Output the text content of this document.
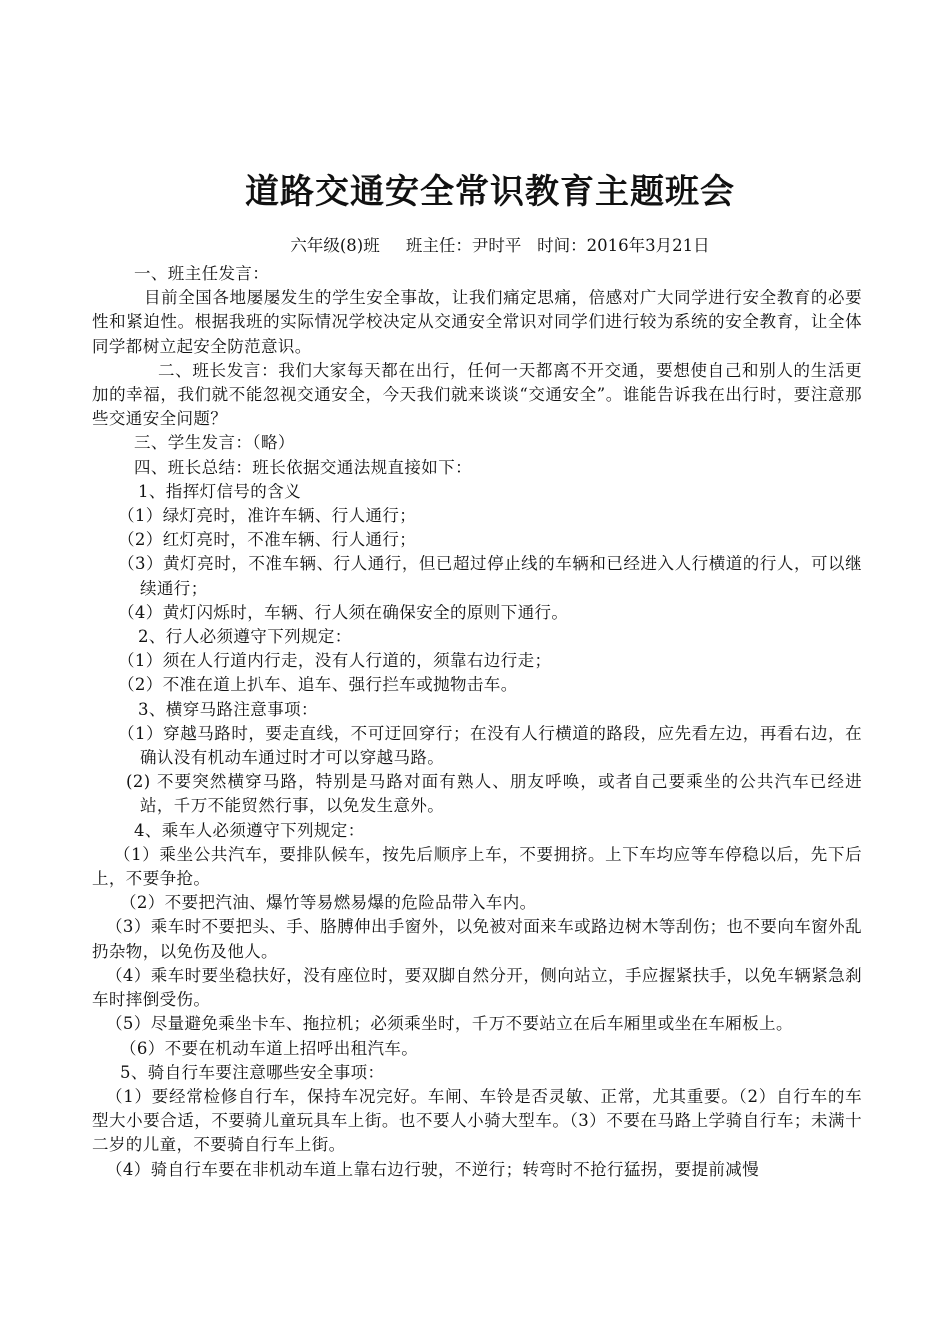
道路交通安全常识教育主题班会
六年级(8)班     班主任：尹时平   时间：2016年3月21日

一、班主任发言：

目前全国各地屡屡发生的学生安全事故，让我们痛定思痛，倍感对广大同学进行安全教育的必要性和紧迫性。根据我班的实际情况学校决定从交通安全常识对同学们进行较为系统的安全教育，让全体同学都树立起安全防范意识。

二、班长发言：我们大家每天都在出行，任何一天都离不开交通，要想使自己和别人的生活更加的幸福，我们就不能忽视交通安全，今天我们就来谈谈“交通安全”。谁能告诉我在出行时，要注意那些交通安全问题？

三、学生发言：（略）

四、班长总结：班长依据交通法规直接如下：

1、指挥灯信号的含义

（1）绿灯亮时，准许车辆、行人通行；

（2）红灯亮时，不准车辆、行人通行；

（3）黄灯亮时，不准车辆、行人通行，但已超过停止线的车辆和已经进入人行横道的行人，可以继续通行；

（4）黄灯闪烁时，车辆、行人须在确保安全的原则下通行。

2、行人必须遵守下列规定：

（1）须在人行道内行走，没有人行道的，须靠右边行走；

（2）不准在道上扒车、追车、强行拦车或抛物击车。

3、横穿马路注意事项：

（1）穿越马路时，要走直线，不可迂回穿行；在没有人行横道的路段，应先看左边，再看右边，在确认没有机动车通过时才可以穿越马路。

(2) 不要突然横穿马路，特别是马路对面有熟人、朋友呼唤，或者自己要乘坐的公共汽车已经进站，千万不能贸然行事，以免发生意外。

4、乘车人必须遵守下列规定：

（1）乘坐公共汽车，要排队候车，按先后顺序上车，不要拥挤。上下车均应等车停稳以后，先下后上，不要争抢。

（2）不要把汽油、爆竹等易燃易爆的危险品带入车内。

（3）乘车时不要把头、手、胳膊伸出手窗外，以免被对面来车或路边树木等刮伤；也不要向车窗外乱扔杂物，以免伤及他人。

（4）乘车时要坐稳扶好，没有座位时，要双脚自然分开，侧向站立，手应握紧扶手，以免车辆紧急刹车时摔倒受伤。

（5）尽量避免乘坐卡车、拖拉机；必须乘坐时，千万不要站立在后车厢里或坐在车厢板上。

（6）不要在机动车道上招呼出租汽车。

5、骑自行车要注意哪些安全事项：

（1）要经常检修自行车，保持车况完好。车闸、车铃是否灵敏、正常，尤其重要。（2）自行车的车型大小要合适，不要骑儿童玩具车上街。也不要人小骑大型车。（3）不要在马路上学骑自行车；未满十二岁的儿童，不要骑自行车上街。

（4）骑自行车要在非机动车道上靠右边行驶，不逆行；转弯时不抢行猛拐，要提前减慢
